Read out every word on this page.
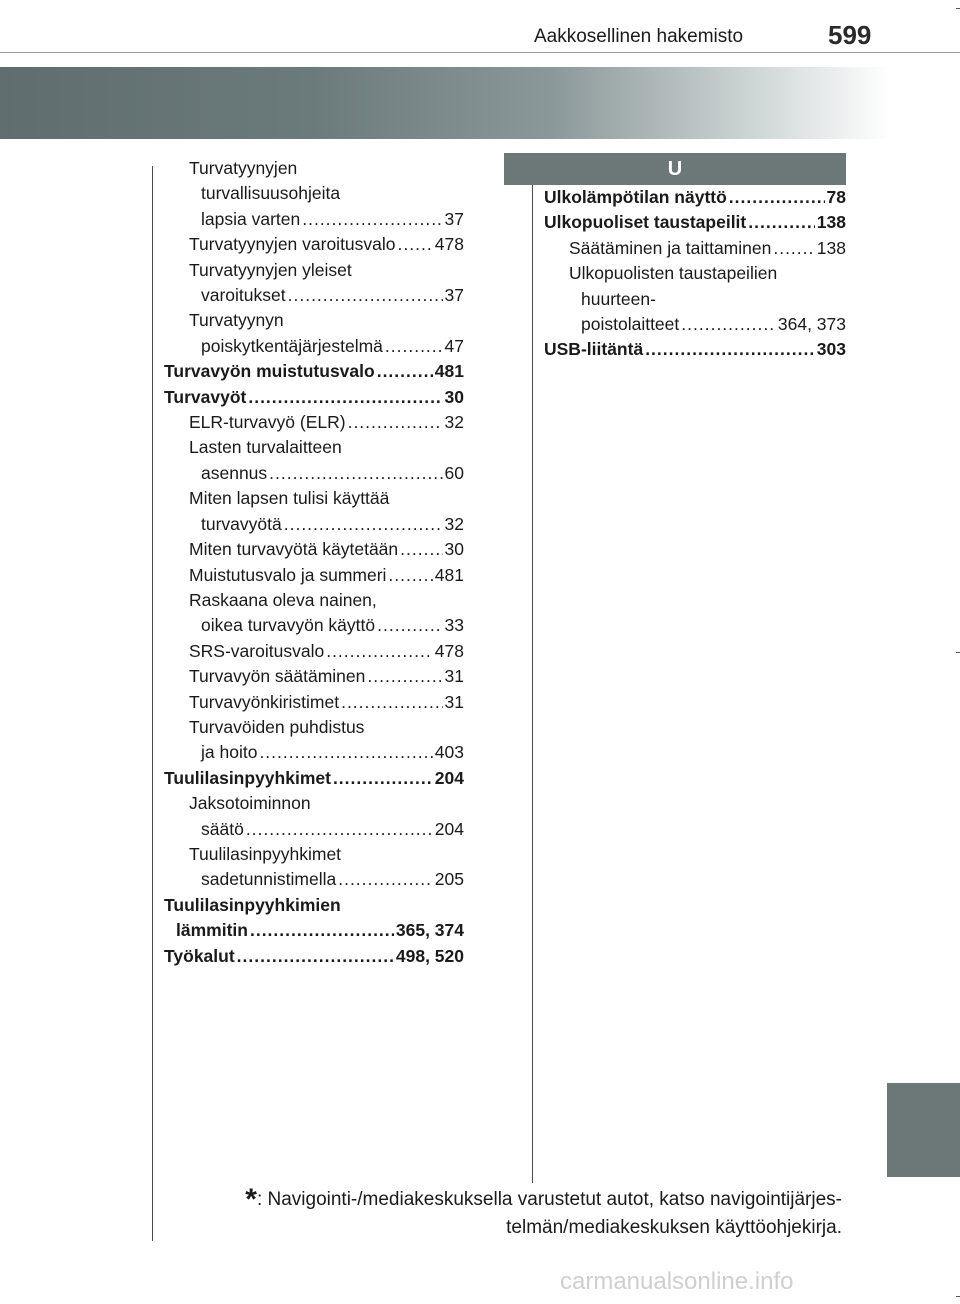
599
Aakkosellinen hakemisto
Turvatyynyjen
turvallisuusohjeita
lapsia varten .....	37
Turvatyynyjen varoitusvalo ..... 478
Turvatyynyjen yleiset
varoitukset .....	37
Turvatyynyn
poiskytkentäjärjestelmä .....	47
Turvavyön muistutusvalo .....	481
Turvavyöt .....	30
ELR-turvavyö (ELR) .....	32
Lasten turvalaitteen
asennus .....	60
Miten lapsen tulisi käyttää
turvavyötä .....	32
Miten turvavyötä käytetään .....	30
Muistutusvalo ja summeri .....	481
Raskaana oleva nainen,
oikea turvavyön käyttö .....	33
SRS-varoitusvalo .....	478
Turvavyön säätäminen .....	31
Turvavyönkiristimet .....	31
Turvavöiden puhdistus
ja hoito .....	403
Tuulilasinpyyhkimet .....	204
Jaksotoiminnon
säätö .....	204
Tuulilasinpyyhkimet
sadetunnistimella .....	205
Tuulilasinpyyhkimien
lämmitin .....	365, 374
Työkalut .....	498, 520
U
Ulkolämpötilan näyttö .....	78
Ulkopuoliset taustapeilit .....	138
Säätäminen ja taittaminen .....	138
Ulkopuolisten taustapeilien
huurteen-
poistolaitteet .....	364, 373
USB-liitäntä .....	303
*: Navigointi-/mediakeskuksella varustetut autot, katso navigointijärjes-
telmän/mediakeskuksen käyttöohjekirja.
carmanualsonline.info
